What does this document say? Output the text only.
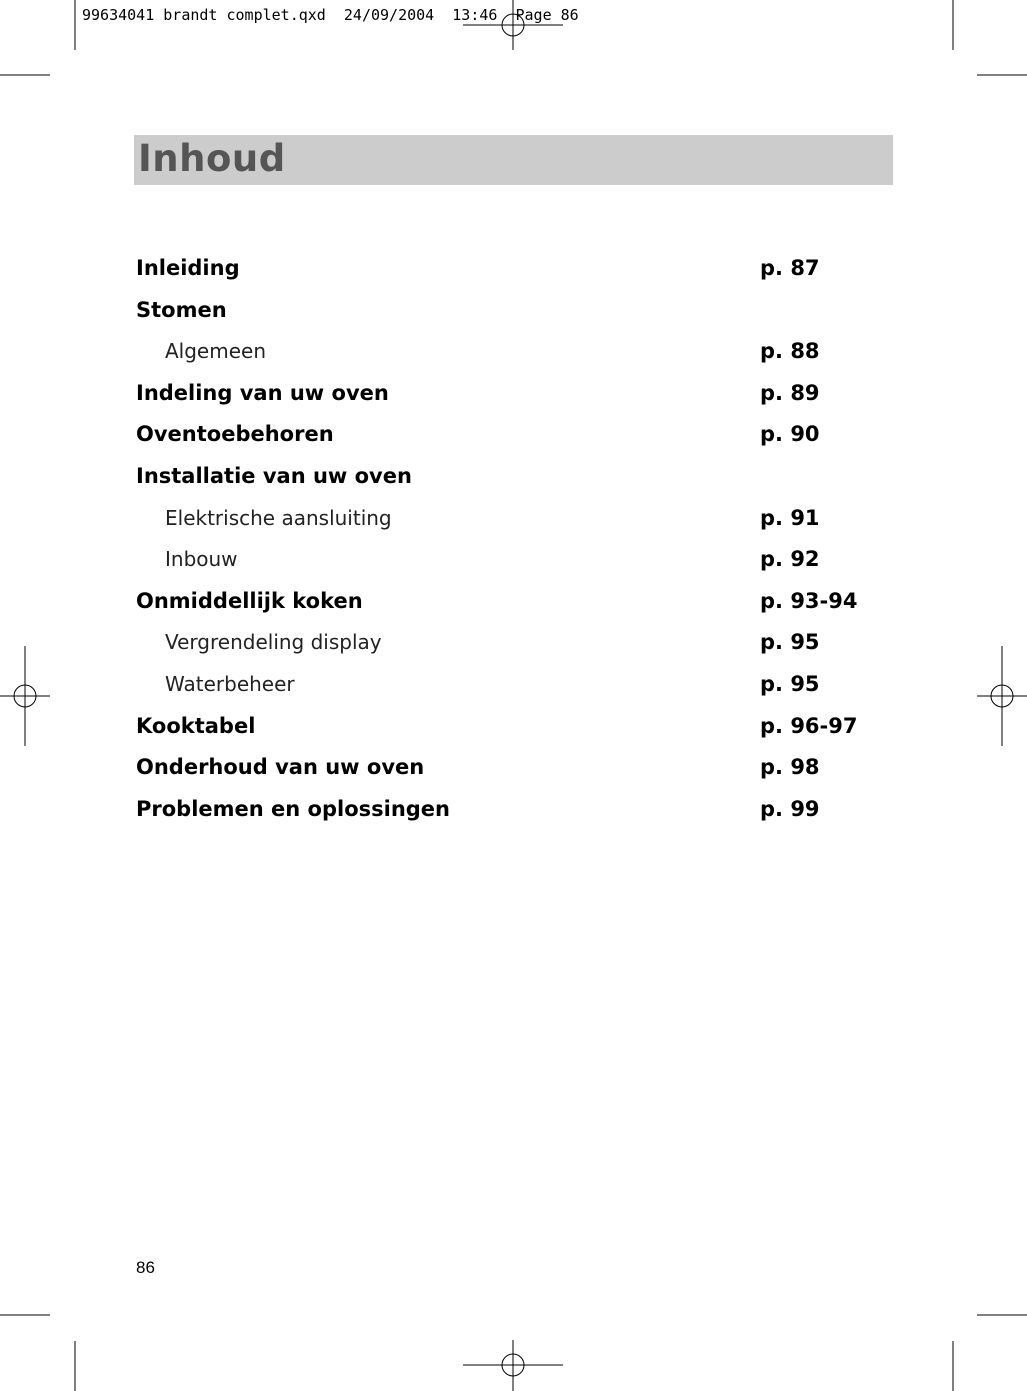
99634041 brandt complet.qxd  24/09/2004  13:46  Page 86
Inhoud
Inleiding	p. 87
Stomen
Algemeen	p. 88
Indeling van uw oven	p. 89
Oventoebehoren	p. 90
Installatie van uw oven
Elektrische aansluiting	p. 91
Inbouw	p. 92
Onmiddellijk koken	p. 93-94
Vergrendeling display	p. 95
Waterbeheer	p. 95
Kooktabel	p. 96-97
Onderhoud van uw oven	p. 98
Problemen en oplossingen	p. 99
86
